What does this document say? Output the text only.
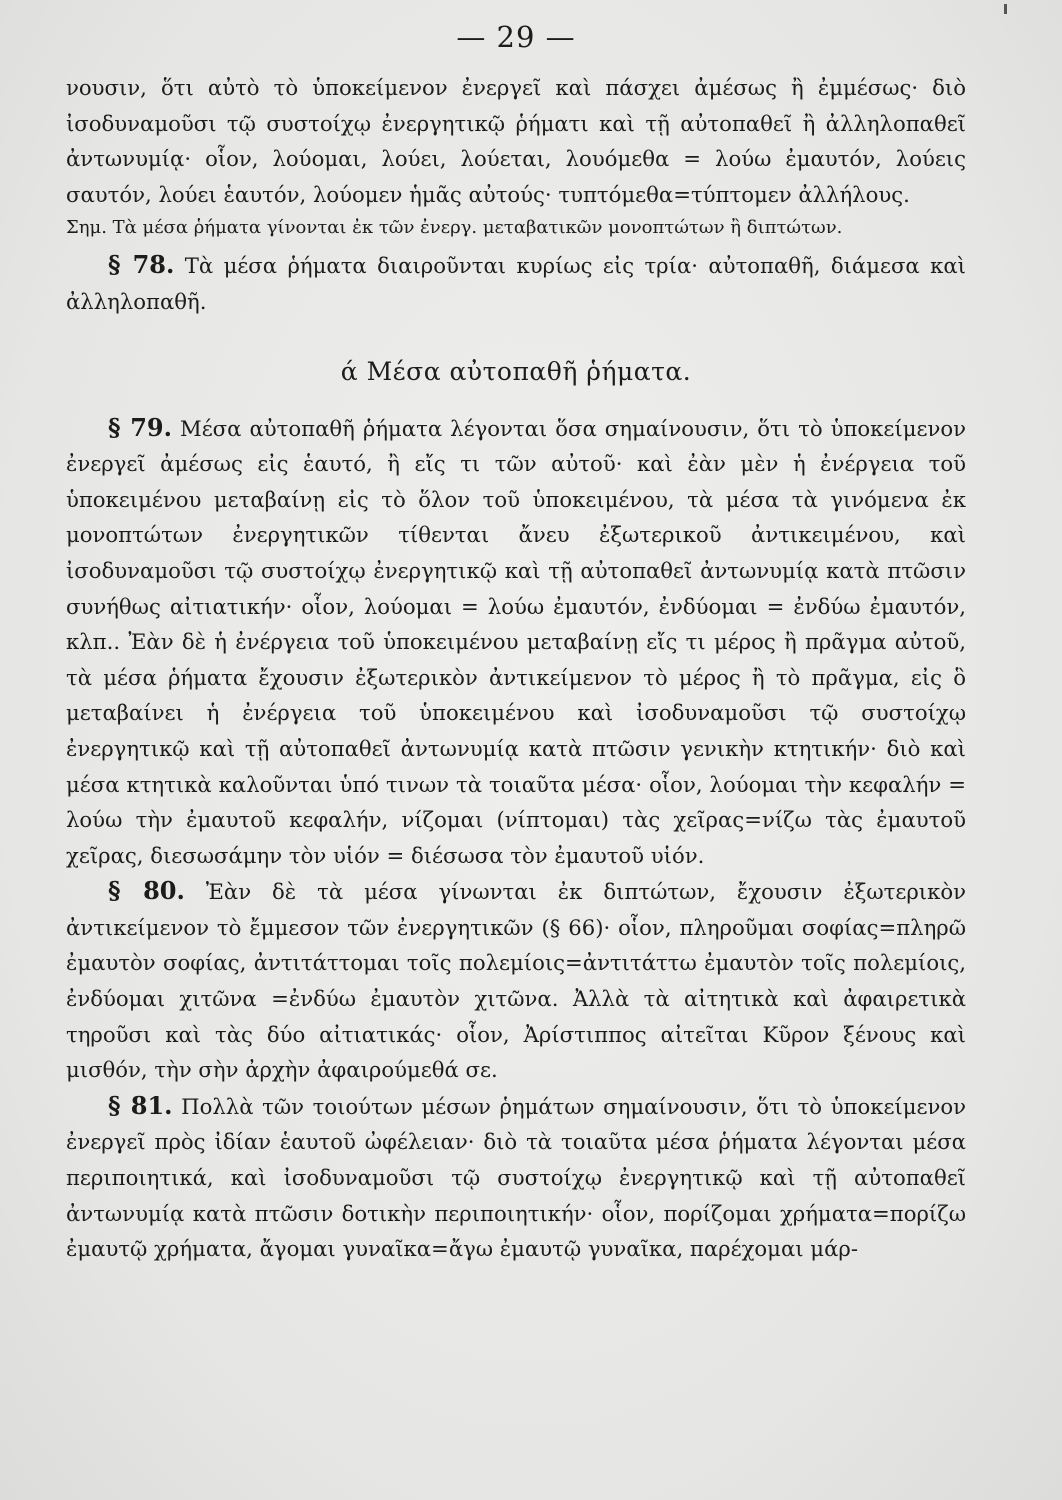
— 29 —

νουσιν, ὅτι αὐτὸ τὸ ὑποκείμενον ἐνεργεῖ καὶ πάσχει ἀμέσως ἢ ἐμμέσως· διὸ ἰσοδυναμοῦσι τῷ συστοίχῳ ἐνεργητικῷ ῥήματι καὶ τῇ αὐτοπαθεῖ ἢ ἀλληλοπαθεῖ ἀντωνυμίᾳ· οἷον, λούομαι, λούει, λούεται, λουόμεθα = λούω ἐμαυτόν, λούεις σαυτόν, λούει ἑαυτόν, λούομεν ἡμᾶς αὐτούς· τυπτόμεθα=τύπτομεν ἀλλήλους.

Σημ. Τὰ μέσα ῥήματα γίνονται ἐκ τῶν ἐνεργ. μεταβατικῶν μονοπτώτων ἢ διπτώτων.

§ 78. Τὰ μέσα ῥήματα διαιροῦνται κυρίως εἰς τρία· αὐτοπαθῆ, διάμεσα καὶ ἀλληλοπαθῆ.

ά Μέσα αὐτοπαθῆ ῥήματα.

§ 79. Μέσα αὐτοπαθῆ ῥήματα λέγονται ὅσα σημαίνουσιν, ὅτι τὸ ὑποκείμενον ἐνεργεῖ ἀμέσως εἰς ἑαυτό, ἢ εἴς τι τῶν αὐτοῦ· καὶ ἐὰν μὲν ἡ ἐνέργεια τοῦ ὑποκειμένου μεταβαίνῃ εἰς τὸ ὅλον τοῦ ὑποκειμένου, τὰ μέσα τὰ γινόμενα ἐκ μονοπτώτων ἐνεργητικῶν τίθενται ἄνευ ἐξωτερικοῦ ἀντικειμένου, καὶ ἰσοδυναμοῦσι τῷ συστοίχῳ ἐνεργητικῷ καὶ τῇ αὐτοπαθεῖ ἀντωνυμίᾳ κατὰ πτῶσιν συνήθως αἰτιατικήν· οἷον, λούομαι = λούω ἐμαυτόν, ἐνδύομαι = ἐνδύω ἐμαυτόν, κλπ.. Ἐὰν δὲ ἡ ἐνέργεια τοῦ ὑποκειμένου μεταβαίνῃ εἴς τι μέρος ἢ πρᾶγμα αὐτοῦ, τὰ μέσα ῥήματα ἔχουσιν ἐξωτερικὸν ἀντικείμενον τὸ μέρος ἢ τὸ πρᾶγμα, εἰς ὃ μεταβαίνει ἡ ἐνέργεια τοῦ ὑποκειμένου καὶ ἰσοδυναμοῦσι τῷ συστοίχῳ ἐνεργητικῷ καὶ τῇ αὐτοπαθεῖ ἀντωνυμίᾳ κατὰ πτῶσιν γενικὴν κτητικήν· διὸ καὶ μέσα κτητικὰ καλοῦνται ὑπό τινων τὰ τοιαῦτα μέσα· οἷον, λούομαι τὴν κεφαλήν = λούω τὴν ἐμαυτοῦ κεφαλήν, νίζομαι (νίπτομαι) τὰς χεῖρας=νίζω τὰς ἐμαυτοῦ χεῖρας, διεσωσάμην τὸν υἱόν = διέσωσα τὸν ἐμαυτοῦ υἱόν.

§ 80. Ἐὰν δὲ τὰ μέσα γίνωνται ἐκ διπτώτων, ἔχουσιν ἐξωτερικὸν ἀντικείμενον τὸ ἔμμεσον τῶν ἐνεργητικῶν (§ 66)· οἷον, πληροῦμαι σοφίας=πληρῶ ἐμαυτὸν σοφίας, ἀντιτάττομαι τοῖς πολεμίοις=ἀντιτάττω ἐμαυτὸν τοῖς πολεμίοις, ἐνδύομαι χιτῶνα =ἐνδύω ἐμαυτὸν χιτῶνα. Ἀλλὰ τὰ αἰτητικὰ καὶ ἀφαιρετικὰ τηροῦσι καὶ τὰς δύο αἰτιατικάς· οἷον, Ἀρίστιππος αἰτεῖται Κῦρον ξένους καὶ μισθόν, τὴν σὴν ἀρχὴν ἀφαιρούμεθά σε.

§ 81. Πολλὰ τῶν τοιούτων μέσων ῥημάτων σημαίνουσιν, ὅτι τὸ ὑποκείμενον ἐνεργεῖ πρὸς ἰδίαν ἑαυτοῦ ὠφέλειαν· διὸ τὰ τοιαῦτα μέσα ῥήματα λέγονται μέσα περιποιητικά, καὶ ἰσοδυναμοῦσι τῷ συστοίχῳ ἐνεργητικῷ καὶ τῇ αὐτοπαθεῖ ἀντωνυμίᾳ κατὰ πτῶσιν δοτικὴν περιποιητικήν· οἷον, πορίζομαι χρήματα=πορίζω ἐμαυτῷ χρήματα, ἄγομαι γυναῖκα=ἄγω ἐμαυτῷ γυναῖκα, παρέχομαι μάρ-
